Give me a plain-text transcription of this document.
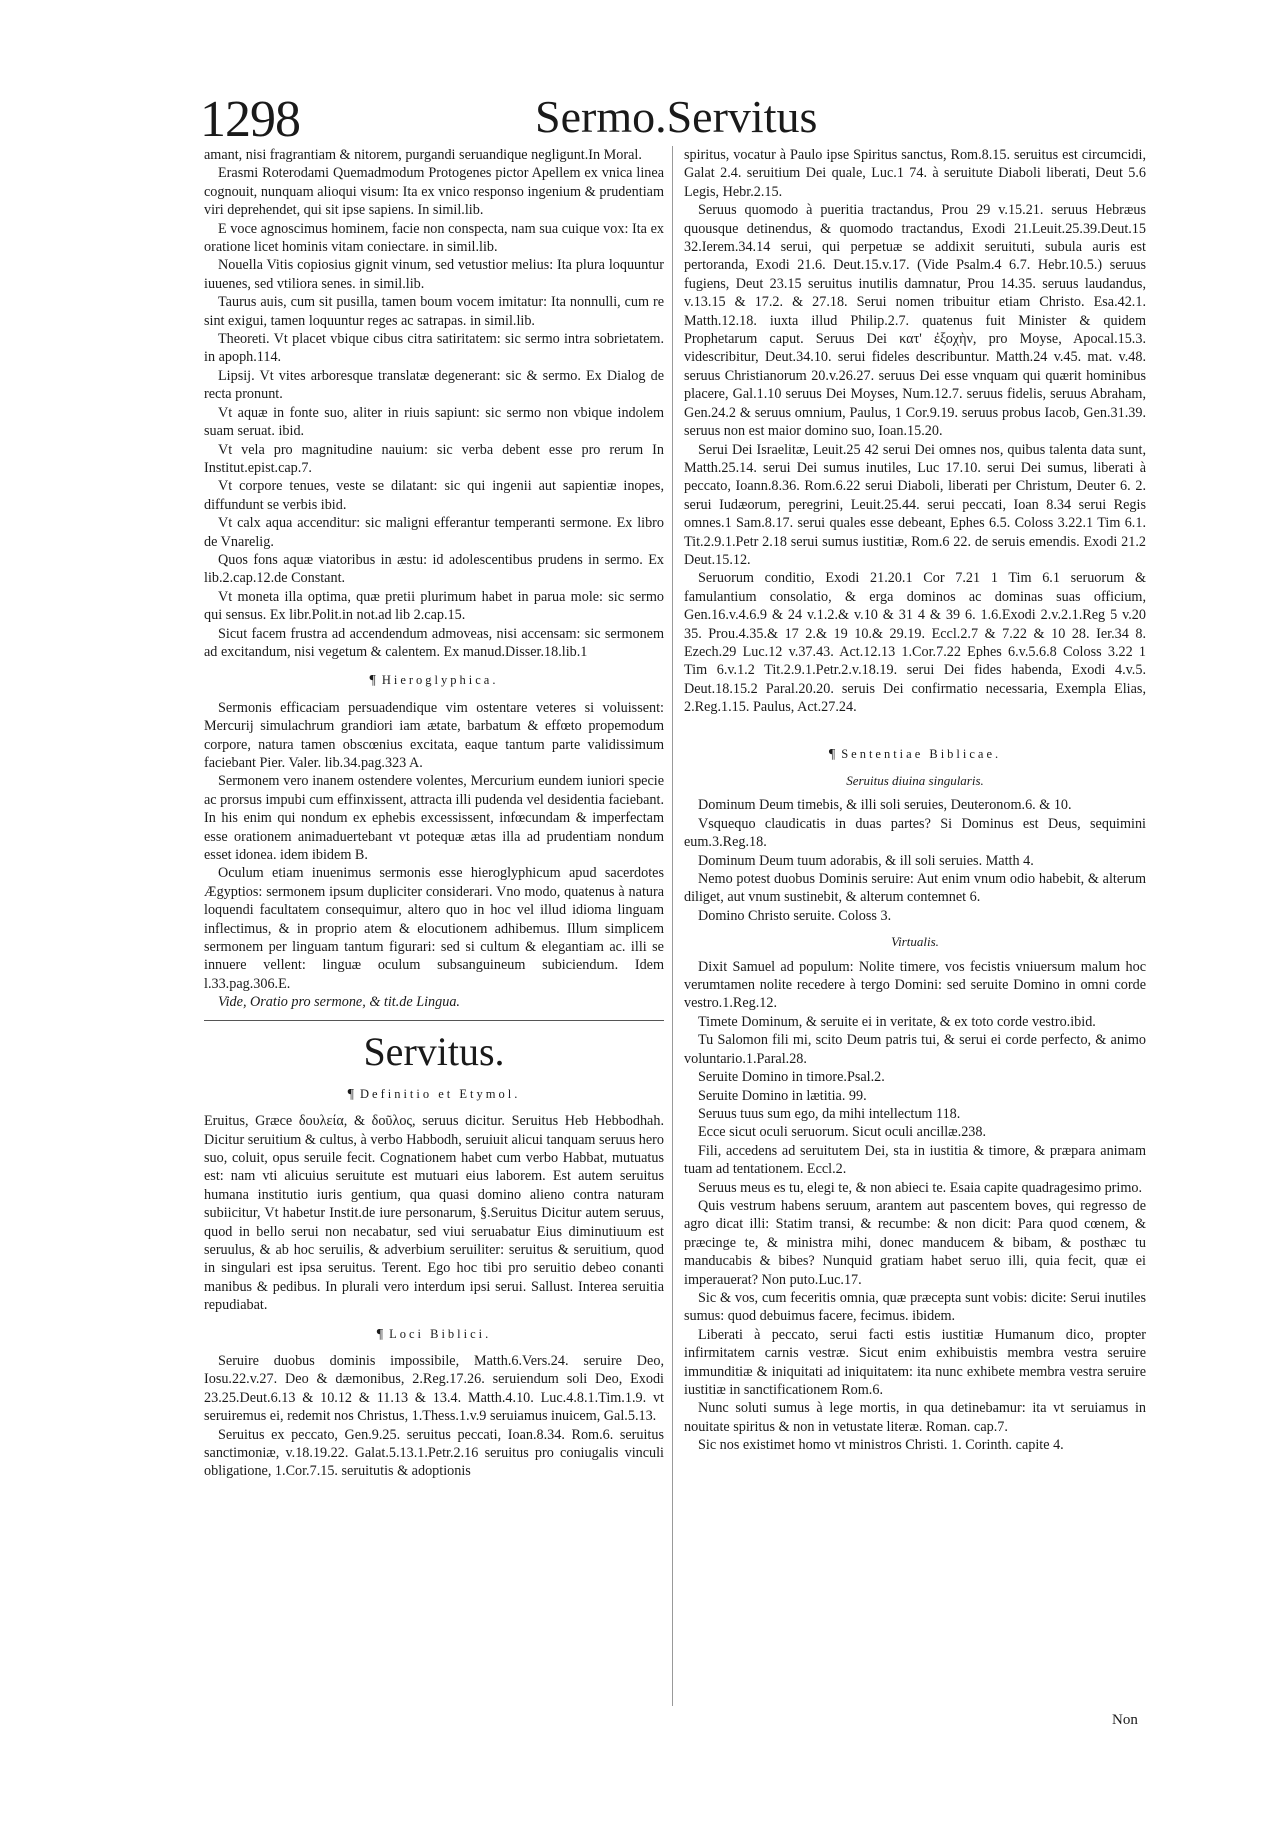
1298	Sermo.Servitus

amant, nisi fragrantiam & nitorem, purgandi seruandique negligunt.In Moral.

Erasmi Roterodami Quemadmodum Protogenes pictor Apellem ex vnica linea cognouit, nunquam alioqui visum: Ita ex vnico responso ingenium & prudentiam viri deprehendet, qui sit ipse sapiens. In simil.lib.

E voce agnoscimus hominem, facie non conspecta, nam sua cuique vox: Ita ex oratione licet hominis vitam coniectare. in simil.lib.

Nouella Vitis copiosius gignit vinum, sed vetustior melius: Ita plura loquuntur iuuenes, sed vtiliora senes. in simil.lib.

Taurus auis, cum sit pusilla, tamen boum vocem imitatur: Ita nonnulli, cum re sint exigui, tamen loquuntur reges ac satrapas. in simil.lib.

Theoreti. Vt placet vbique cibus citra satiritatem: sic sermo intra sobrietatem. in apoph.114.

Lipsij. Vt vites arboresque translatæ degenerant: sic & sermo. Ex Dialog de recta pronunt.

Vt aquæ in fonte suo, aliter in riuis sapiunt: sic sermo non vbique indolem suam seruat. ibid.

Vt vela pro magnitudine nauium: sic verba debent esse pro rerum In Institut.epist.cap.7.

Vt corpore tenues, veste se dilatant: sic qui ingenii aut sapientiæ inopes, diffundunt se verbis ibid.

Vt calx aqua accenditur: sic maligni efferantur temperanti sermone. Ex libro de Vnarelig.

Quos fons aquæ viatoribus in æstu: id adolescentibus prudens in sermo. Ex lib.2.cap.12.de Constant.

Vt moneta illa optima, quæ pretii plurimum habet in parua mole: sic sermo qui sensus. Ex libr.Polit.in not.ad lib 2.cap.15.

Sicut facem frustra ad accendendum admoveas, nisi accensam: sic sermonem ad excitandum, nisi vegetum & calentem. Ex manud.Disser.18.lib.1

¶ Hieroglyphica.

Sermonis efficaciam persuadendique vim ostentare veteres si voluissent: Mercurij simulachrum grandiori iam ætate, barbatum & effœto propemodum corpore, natura tamen obscœnius excitata, eaque tantum parte validissimum faciebant Pier. Valer. lib.34.pag.323 A.

Sermonem vero inanem ostendere volentes, Mercurium eundem iuniori specie ac prorsus impubi cum effinxissent, attracta illi pudenda vel desidentia faciebant. In his enim qui nondum ex ephebis excessissent, infœcundam & imperfectam esse orationem animaduertebant vt potequæ ætas illa ad prudentiam nondum esset idonea. idem ibidem B.

Oculum etiam inuenimus sermonis esse hieroglyphicum apud sacerdotes Ægyptios: sermonem ipsum dupliciter considerari. Vno modo, quatenus à natura loquendi facultatem consequimur, altero quo in hoc vel illud idioma linguam inflectimus, & in proprio atem & elocutionem adhibemus. Illum simplicem sermonem per linguam tantum figurari: sed si cultum & elegantiam ac. illi se innuere vellent: linguæ oculum subsanguineum subiciendum. Idem l.33.pag.306.E.

Vide, Oratio pro sermone, & tit.de Lingua.

Servitus.
¶ Definitio et Etymol.

Eruitus, Græce δουλεία, & δοῦλος, seruus dicitur. Seruitus Heb Hebbodhah. Dicitur seruitium & cultus, à verbo Habbodh, seruiuit alicui tanquam seruus hero suo, coluit, opus seruile fecit. Cognationem habet cum verbo Habbat, mutuatus est: nam vti alicuius seruitute est mutuari eius laborem. Est autem seruitus humana institutio iuris gentium, qua quasi domino alieno contra naturam subiicitur, Vt habetur Instit.de iure personarum, §.Seruitus Dicitur autem seruus, quod in bello serui non necabatur, sed viui seruabatur Eius diminutiuum est seruulus, & ab hoc seruilis, & adverbium seruiliter: seruitus & seruitium, quod in singulari est ipsa seruitus. Terent. Ego hoc tibi pro seruitio debeo conanti manibus & pedibus. In plurali vero interdum ipsi serui. Sallust. Interea seruitia repudiabat.

¶ Loci Biblici.

Seruire duobus dominis impossibile, Matth.6.Vers.24. seruire Deo, Iosu.22.v.27. Deo & dæmonibus, 2.Reg.17.26. seruiendum soli Deo, Exodi 23.25.Deut.6.13 & 10.12 & 11.13 & 13.4. Matth.4.10. Luc.4.8.1.Tim.1.9. vt seruiremus ei, redemit nos Christus, 1.Thess.1.v.9 seruiamus inuicem, Gal.5.13.

Seruitus ex peccato, Gen.9.25. seruitus peccati, Ioan.8.34. Rom.6. seruitus sanctimoniæ, v.18.19.22. Galat.5.13.1.Petr.2.16 seruitus pro coniugalis vinculi obligatione, 1.Cor.7.15. seruitutis & adoptionis

spiritus, vocatur à Paulo ipse Spiritus sanctus, Rom.8.15. seruitus est circumcidi, Galat 2.4. seruitium Dei quale, Luc.1 74. à seruitute Diaboli liberati, Deut 5.6 Legis, Hebr.2.15.

Seruus quomodo à pueritia tractandus, Prou 29 v.15.21. seruus Hebræus quousque detinendus, & quomodo tractandus, Exodi 21.Leuit.25.39.Deut.15 32.Ierem.34.14 serui, qui perpetuæ se addixit seruituti, subula auris est pertoranda, Exodi 21.6. Deut.15.v.17. (Vide Psalm.4 6.7. Hebr.10.5.) seruus fugiens, Deut 23.15 seruitus inutilis damnatur, Prou 14.35. seruus laudandus, v.13.15 & 17.2. & 27.18. Serui nomen tribuitur etiam Christo. Esa.42.1. Matth.12.18. iuxta illud Philip.2.7. quatenus fuit Minister & quidem Prophetarum caput. Seruus Dei κατ' ἐξοχὴν, pro Moyse, Apocal.15.3. videscribitur, Deut.34.10. serui fideles describuntur. Matth.24 v.45. mat. v.48. seruus Christianorum 20.v.26.27. seruus Dei esse vnquam qui quærit hominibus placere, Gal.1.10 seruus Dei Moyses, Num.12.7. seruus fidelis, seruus Abraham, Gen.24.2 & seruus omnium, Paulus, 1 Cor.9.19. seruus probus Iacob, Gen.31.39. seruus non est maior domino suo, Ioan.15.20.

Serui Dei Israelitæ, Leuit.25 42 serui Dei omnes nos, quibus talenta data sunt, Matth.25.14. serui Dei sumus inutiles, Luc 17.10. serui Dei sumus, liberati à peccato, Ioann.8.36. Rom.6.22 serui Diaboli, liberati per Christum, Deuter 6. 2. serui Iudæorum, peregrini, Leuit.25.44. serui peccati, Ioan 8.34 serui Regis omnes.1 Sam.8.17. serui quales esse debeant, Ephes 6.5. Coloss 3.22.1 Tim 6.1. Tit.2.9.1.Petr 2.18 serui sumus iustitiæ, Rom.6 22. de seruis emendis. Exodi 21.2 Deut.15.12.

Seruorum conditio, Exodi 21.20.1 Cor 7.21 1 Tim 6.1 seruorum & famulantium consolatio, & erga dominos ac dominas suas officium, Gen.16.v.4.6.9 & 24 v.1.2.& v.10 & 31 4 & 39 6. 1.6.Exodi 2.v.2.1.Reg 5 v.20 35. Prou.4.35.& 17 2.& 19 10.& 29.19. Eccl.2.7 & 7.22 & 10 28. Ier.34 8. Ezech.29 Luc.12 v.37.43. Act.12.13 1.Cor.7.22 Ephes 6.v.5.6.8 Coloss 3.22 1 Tim 6.v.1.2 Tit.2.9.1.Petr.2.v.18.19. serui Dei fides habenda, Exodi 4.v.5. Deut.18.15.2 Paral.20.20. seruis Dei confirmatio necessaria, Exempla Elias, 2.Reg.1.15. Paulus, Act.27.24.

¶ Sententiae Biblicae.
Seruitus diuina singularis.

Dominum Deum timebis, & illi soli seruies, Deuteronom.6. & 10.

Vsquequo claudicatis in duas partes? Si Dominus est Deus, sequimini eum.3.Reg.18.

Dominum Deum tuum adorabis, & ill soli seruies. Matth 4.

Nemo potest duobus Dominis seruire: Aut enim vnum odio habebit, & alterum diliget, aut vnum sustinebit, & alterum contemnet 6.

Domino Christo seruite. Coloss 3.

Virtualis.

Dixit Samuel ad populum: Nolite timere, vos fecistis vniuersum malum hoc verumtamen nolite recedere à tergo Domini: sed seruite Domino in omni corde vestro.1.Reg.12.

Timete Dominum, & seruite ei in veritate, & ex toto corde vestro.ibid.

Tu Salomon fili mi, scito Deum patris tui, & serui ei corde perfecto, & animo voluntario.1.Paral.28.

Seruite Domino in timore.Psal.2.

Seruite Domino in lætitia. 99.

Seruus tuus sum ego, da mihi intellectum 118.

Ecce sicut oculi seruorum. Sicut oculi ancillæ.238.

Fili, accedens ad seruitutem Dei, sta in iustitia & timore, & præpara animam tuam ad tentationem. Eccl.2.

Seruus meus es tu, elegi te, & non abieci te. Esaia capite quadragesimo primo.

Quis vestrum habens seruum, arantem aut pascentem boves, qui regresso de agro dicat illi: Statim transi, & recumbe: & non dicit: Para quod cœnem, & præcinge te, & ministra mihi, donec manducem & bibam, & posthæc tu manducabis & bibes? Nunquid gratiam habet seruo illi, quia fecit, quæ ei imperauerat? Non puto.Luc.17.

Sic & vos, cum feceritis omnia, quæ præcepta sunt vobis: dicite: Serui inutiles sumus: quod debuimus facere, fecimus. ibidem.

Liberati à peccato, serui facti estis iustitiæ Humanum dico, propter infirmitatem carnis vestræ. Sicut enim exhibuistis membra vestra seruire immunditiæ & iniquitati ad iniquitatem: ita nunc exhibete membra vestra seruire iustitiæ in sanctificationem Rom.6.

Nunc soluti sumus à lege mortis, in qua detinebamur: ita vt seruiamus in nouitate spiritus & non in vetustate literæ. Roman. cap.7.

Sic nos existimet homo vt ministros Christi. 1. Corinth. capite 4.

Non
